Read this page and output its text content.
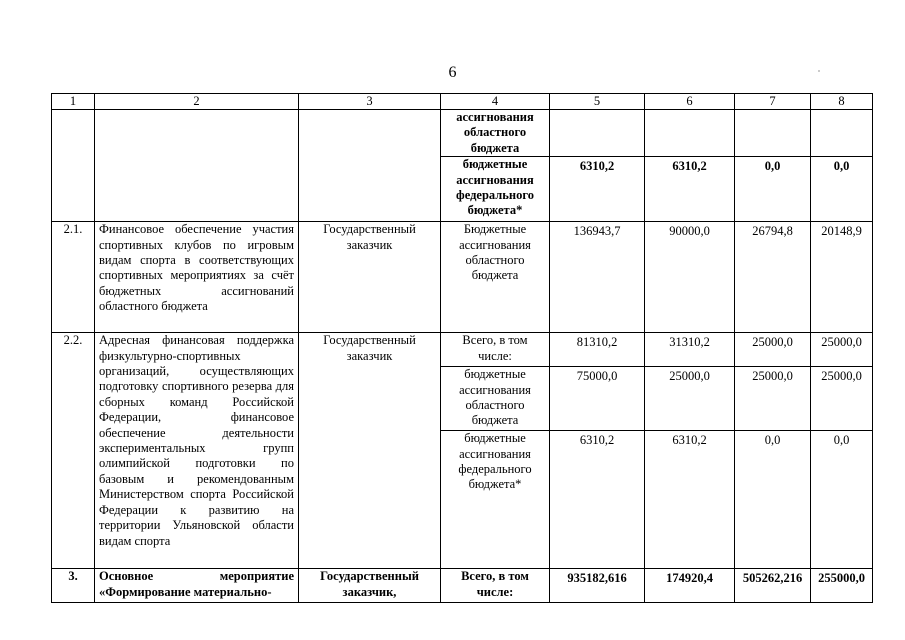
6
1	2	3	4	5	6	7	8
			ассигнования областного бюджета				
			бюджетные ассигнования федерального бюджета*	6310,2	6310,2	0,0	0,0
2.1.	Финансовое обеспечение участия спортивных клубов по игровым видам спорта в соответствующих спортивных мероприятиях за счёт бюджетных ассигнований областного бюджета	Государственный заказчик	Бюджетные ассигнования областного бюджета	136943,7	90000,0	26794,8	20148,9
2.2.	Адресная финансовая поддержка физкультурно-спортивных организаций, осуществляющих подготовку спортивного резерва для сборных команд Российской Федерации, финансовое обеспечение деятельности экспериментальных групп олимпийской подготовки по базовым и рекомендованным Министерством спорта Российской Федерации к развитию на территории Ульяновской области видам спорта	Государственный заказчик	Всего, в том числе:	81310,2	31310,2	25000,0	25000,0
			бюджетные ассигнования областного бюджета	75000,0	25000,0	25000,0	25000,0
			бюджетные ассигнования федерального бюджета*	6310,2	6310,2	0,0	0,0
3.	Основное мероприятие «Формирование материально-	Государственный заказчик,	Всего, в том числе:	935182,616	174920,4	505262,216	255000,0
